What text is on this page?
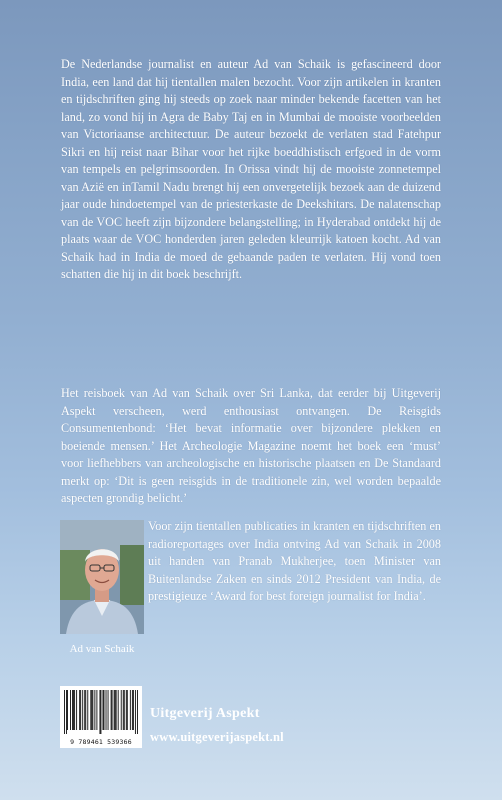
De Nederlandse journalist en auteur Ad van Schaik is gefascineerd door India, een land dat hij tientallen malen bezocht. Voor zijn artikelen in kranten en tijdschriften ging hij steeds op zoek naar minder bekende facetten van het land, zo vond hij in Agra de Baby Taj en in Mumbai de mooiste voorbeelden van Victoriaanse architectuur. De auteur bezoekt de verlaten stad Fatehpur Sikri en hij reist naar Bihar voor het rijke boeddhistisch erfgoed in de vorm van tempels en pelgrimsoorden. In Orissa vindt hij de mooiste zonnetempel van Azië en inTamil Nadu brengt hij een onvergetelijk bezoek aan de duizend jaar oude hindoetempel van de priesterkaste de Deekshitars. De nalatenschap van de VOC heeft zijn bijzondere belangstelling; in Hyderabad ontdekt hij de plaats waar de VOC honderden jaren geleden kleurrijk katoen kocht. Ad van Schaik had in India de moed de gebaande paden te verlaten. Hij vond toen schatten die hij in dit boek beschrijft.

Het reisboek van Ad van Schaik over Sri Lanka, dat eerder bij Uitgeverij Aspekt verscheen, werd enthousiast ontvangen. De Reisgids Consumentenbond: ‘Het bevat informatie over bijzondere plekken en boeiende mensen.’ Het Archeologie Magazine noemt het boek een ‘must’ voor liefhebbers van archeologische en historische plaatsen en De Standaard merkt op: ‘Dit is geen reisgids in de traditionele zin, wel worden bepaalde aspecten grondig belicht.’

Voor zijn tientallen publicaties in kranten en tijdschriften en radioreportages over India ontving Ad van Schaik in 2008 uit handen van Pranab Mukherjee, toen Minister van Buitenlandse Zaken en sinds 2012 President van India, de prestigieuze ‘Award for best foreign journalist for India’.

Ad van Schaik
9 789461 539366
Uitgeverij Aspekt
www.uitgeverijaspekt.nl
